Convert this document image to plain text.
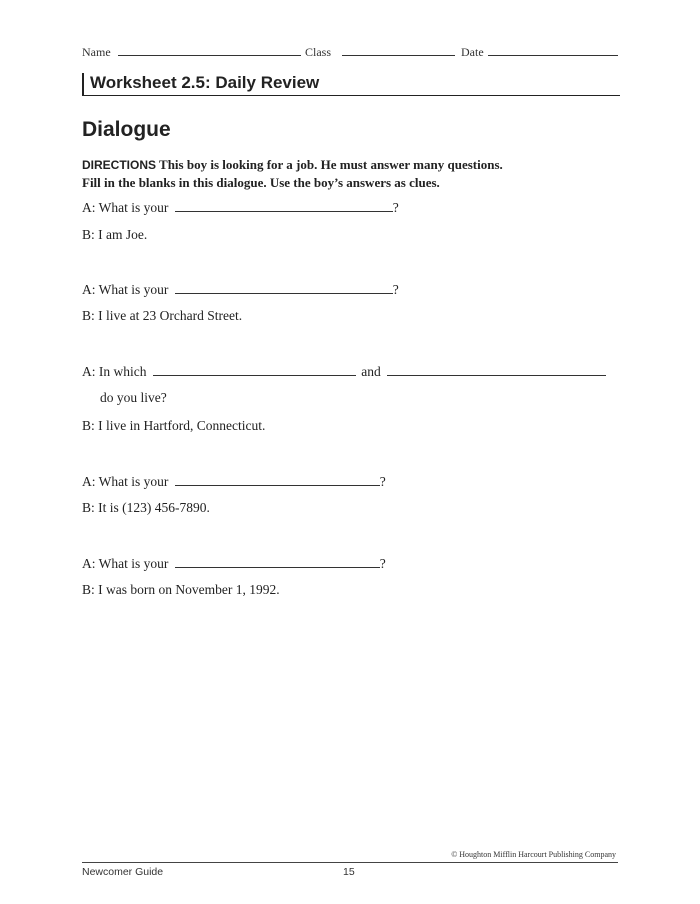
Name	Class	Date
Worksheet 2.5: Daily Review
Dialogue
DIRECTIONS This boy is looking for a job. He must answer many questions.
Fill in the blanks in this dialogue. Use the boy’s answers as clues.
A: What is your	?
B: I am Joe.
A: What is your	?
B: I live at 23 Orchard Street.
A: In which	and
do you live?
B: I live in Hartford, Connecticut.
A: What is your	?
B: It is (123) 456-7890.
A: What is your	?
B: I was born on November 1, 1992.
© Houghton Mifflin Harcourt Publishing Company
Newcomer Guide	15
